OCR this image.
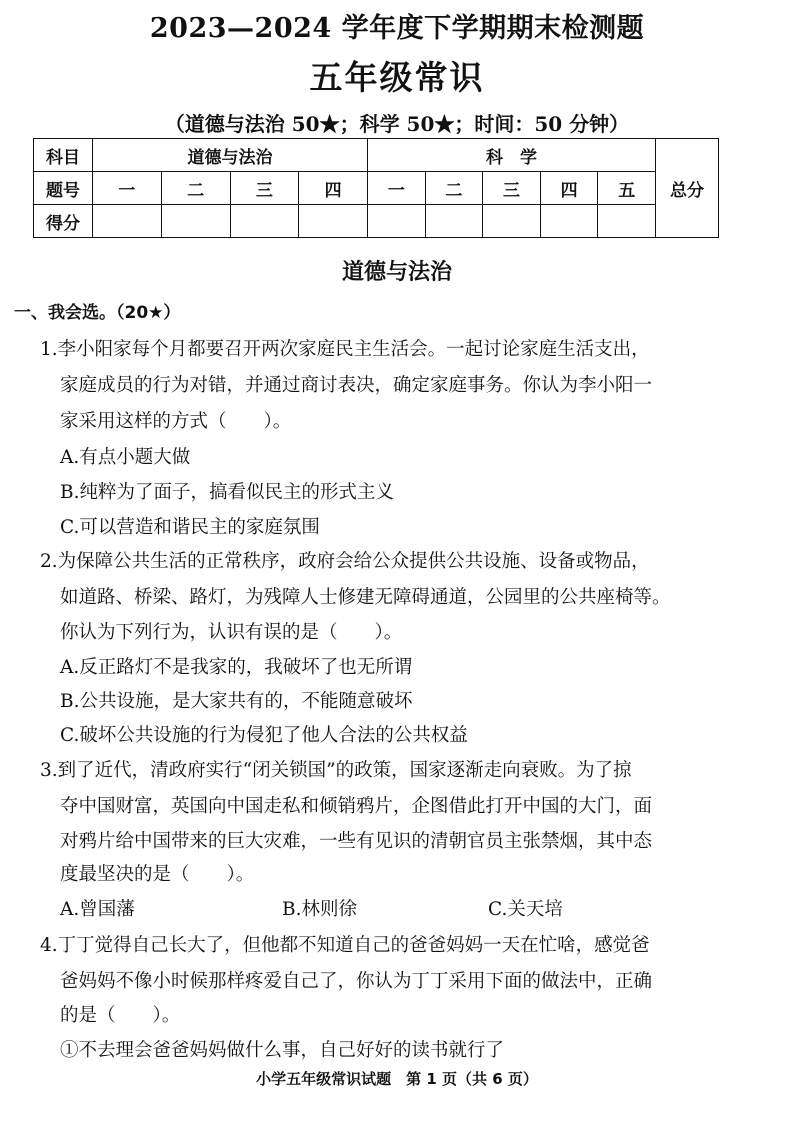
2023—2024 学年度下学期期末检测题
五年级常识
（道德与法治 50★；科学 50★；时间：50 分钟）
科目	道德与法治				科　学					总分
题号	一	二	三	四	一	二	三	四	五	
得分										
道德与法治
一、我会选。（20★）
1.李小阳家每个月都要召开两次家庭民主生活会。一起讨论家庭生活支出，
家庭成员的行为对错，并通过商讨表决，确定家庭事务。你认为李小阳一
家采用这样的方式（　　）。
A.有点小题大做
B.纯粹为了面子，搞看似民主的形式主义
C.可以营造和谐民主的家庭氛围
2.为保障公共生活的正常秩序，政府会给公众提供公共设施、设备或物品，
如道路、桥梁、路灯，为残障人士修建无障碍通道，公园里的公共座椅等。
你认为下列行为，认识有误的是（　　）。
A.反正路灯不是我家的，我破坏了也无所谓
B.公共设施，是大家共有的，不能随意破坏
C.破坏公共设施的行为侵犯了他人合法的公共权益
3.到了近代，清政府实行“闭关锁国”的政策，国家逐渐走向衰败。为了掠
夺中国财富，英国向中国走私和倾销鸦片，企图借此打开中国的大门，面
对鸦片给中国带来的巨大灾难，一些有见识的清朝官员主张禁烟，其中态
度最坚决的是（　　）。
A.曾国藩	B.林则徐	C.关天培
4.丁丁觉得自己长大了，但他都不知道自己的爸爸妈妈一天在忙啥，感觉爸
爸妈妈不像小时候那样疼爱自己了，你认为丁丁采用下面的做法中，正确
的是（　　）。
①不去理会爸爸妈妈做什么事，自己好好的读书就行了
小学五年级常识试题　第 1 页（共 6 页）
